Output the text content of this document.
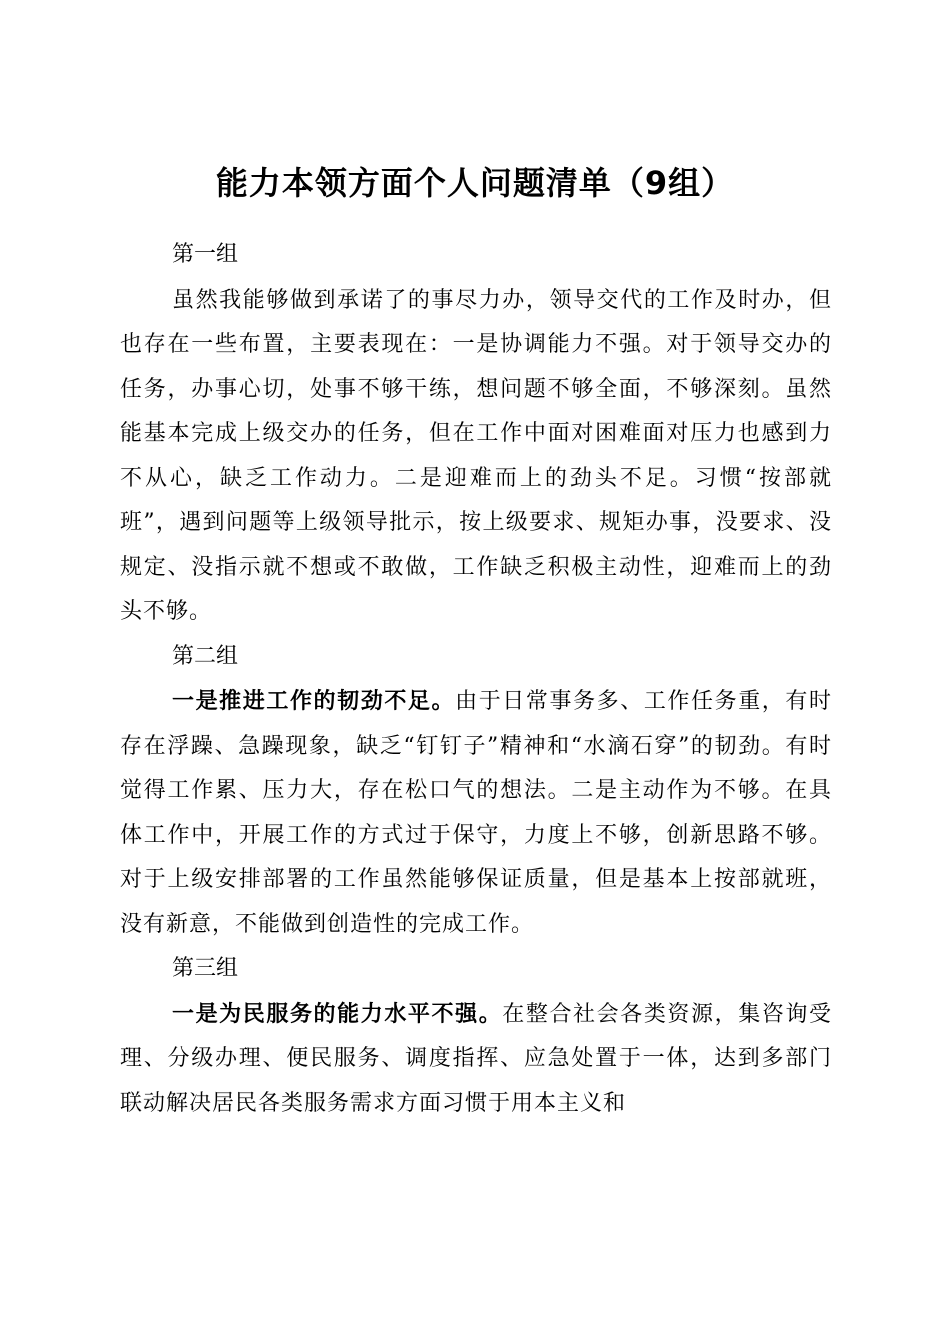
能力本领方面个人问题清单（9组）

第一组

虽然我能够做到承诺了的事尽力办，领导交代的工作及时办，但也存在一些布置，主要表现在：一是协调能力不强。对于领导交办的任务，办事心切，处事不够干练，想问题不够全面，不够深刻。虽然能基本完成上级交办的任务，但在工作中面对困难面对压力也感到力不从心，缺乏工作动力。二是迎难而上的劲头不足。习惯“按部就班”，遇到问题等上级领导批示，按上级要求、规矩办事，没要求、没规定、没指示就不想或不敢做，工作缺乏积极主动性，迎难而上的劲头不够。

第二组

一是推进工作的韧劲不足。由于日常事务多、工作任务重，有时存在浮躁、急躁现象，缺乏“钉钉子”精神和“水滴石穿”的韧劲。有时觉得工作累、压力大，存在松口气的想法。二是主动作为不够。在具体工作中，开展工作的方式过于保守，力度上不够，创新思路不够。对于上级安排部署的工作虽然能够保证质量，但是基本上按部就班，没有新意，不能做到创造性的完成工作。

第三组

一是为民服务的能力水平不强。在整合社会各类资源，集咨询受理、分级办理、便民服务、调度指挥、应急处置于一体，达到多部门联动解决居民各类服务需求方面习惯于用本主义和
